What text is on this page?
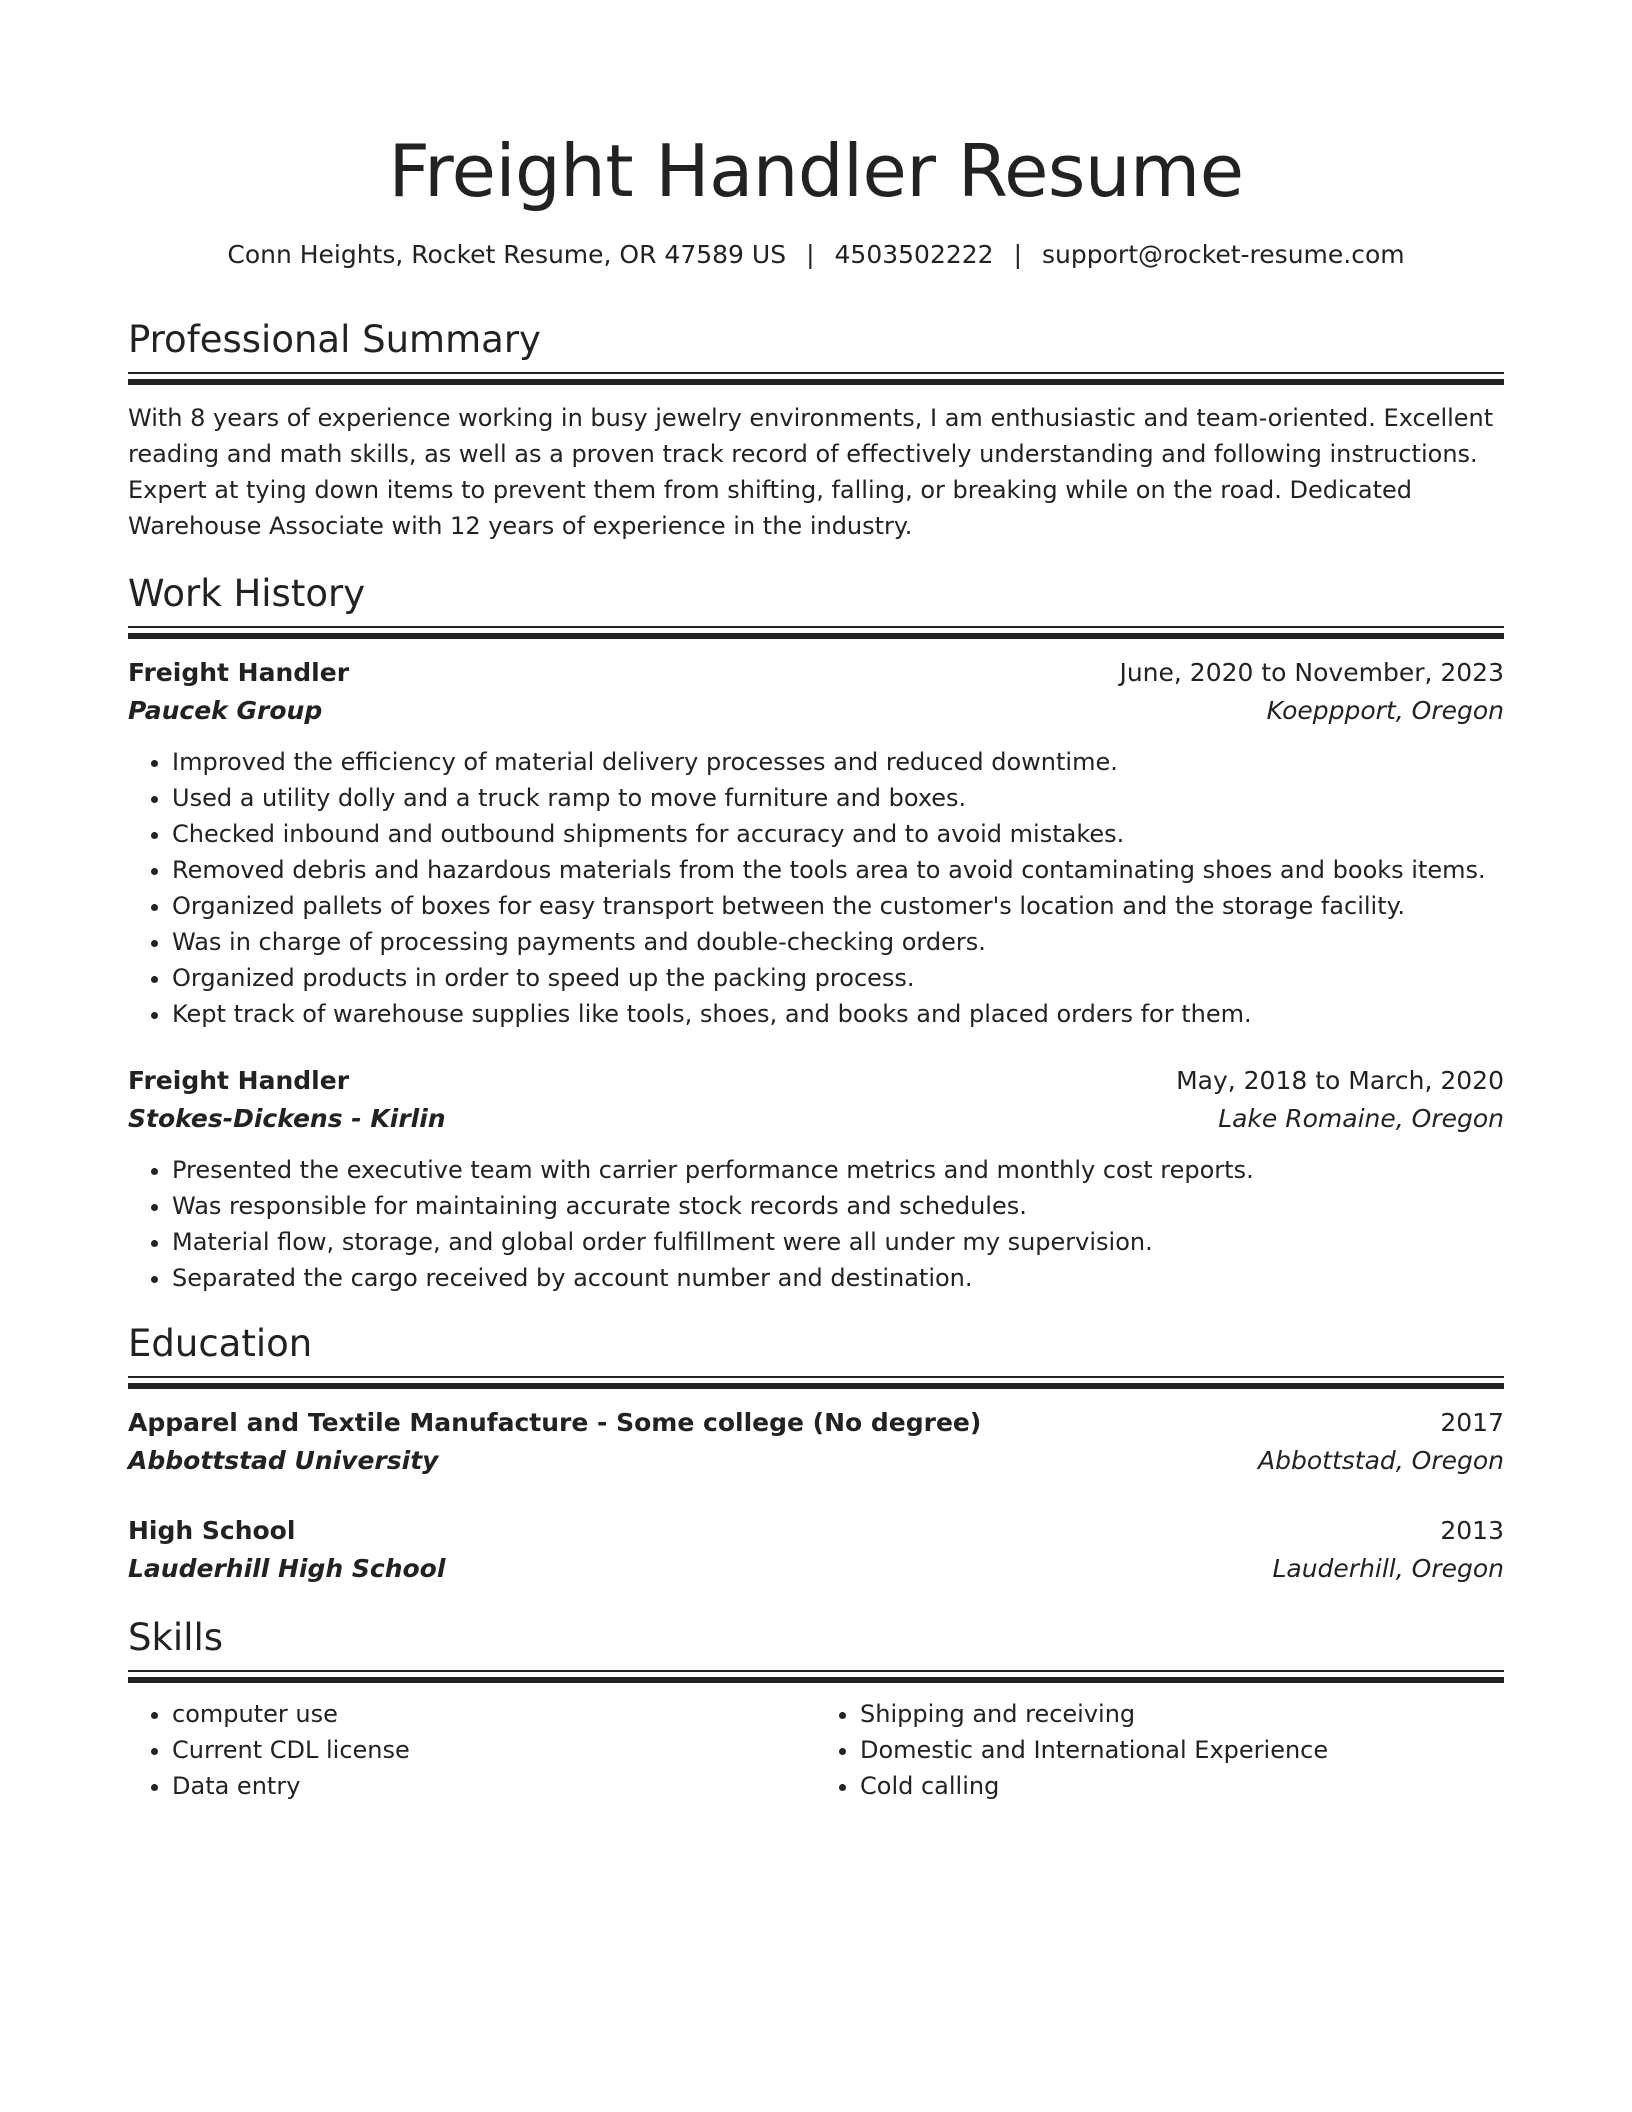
Freight Handler Resume
Conn Heights, Rocket Resume, OR 47589 US | 4503502222 | support@rocket-resume.com
Professional Summary
With 8 years of experience working in busy jewelry environments, I am enthusiastic and team-oriented. Excellent reading and math skills, as well as a proven track record of effectively understanding and following instructions. Expert at tying down items to prevent them from shifting, falling, or breaking while on the road. Dedicated Warehouse Associate with 12 years of experience in the industry.
Work History
Freight Handler	June, 2020 to November, 2023
Paucek Group	Koeppport, Oregon
• Improved the efficiency of material delivery processes and reduced downtime.
• Used a utility dolly and a truck ramp to move furniture and boxes.
• Checked inbound and outbound shipments for accuracy and to avoid mistakes.
• Removed debris and hazardous materials from the tools area to avoid contaminating shoes and books items.
• Organized pallets of boxes for easy transport between the customer's location and the storage facility.
• Was in charge of processing payments and double-checking orders.
• Organized products in order to speed up the packing process.
• Kept track of warehouse supplies like tools, shoes, and books and placed orders for them.
Freight Handler	May, 2018 to March, 2020
Stokes-Dickens - Kirlin	Lake Romaine, Oregon
• Presented the executive team with carrier performance metrics and monthly cost reports.
• Was responsible for maintaining accurate stock records and schedules.
• Material flow, storage, and global order fulfillment were all under my supervision.
• Separated the cargo received by account number and destination.
Education
Apparel and Textile Manufacture - Some college (No degree)	2017
Abbottstad University	Abbottstad, Oregon
High School	2013
Lauderhill High School	Lauderhill, Oregon
Skills
• computer use
• Current CDL license
• Data entry
• Shipping and receiving
• Domestic and International Experience
• Cold calling
